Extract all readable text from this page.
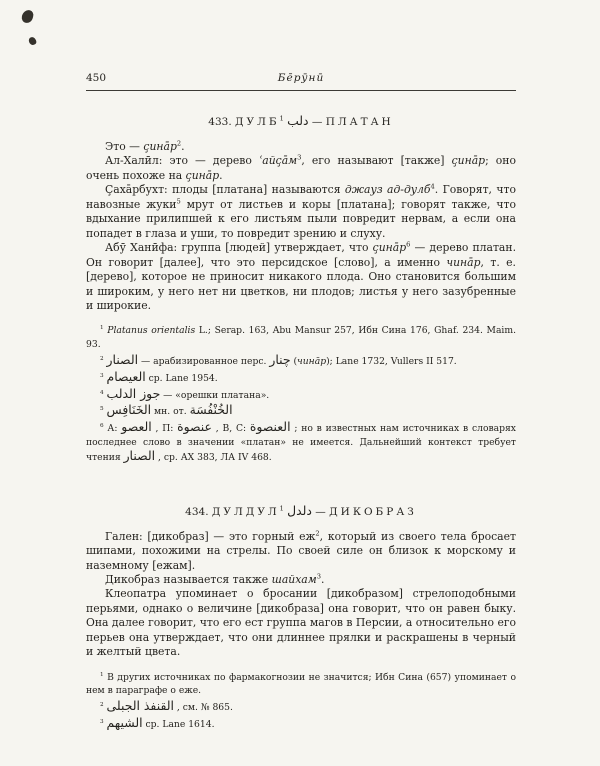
450	Бе̄рӯнӣ
433. ДУЛБ$^1$ دلب — ПЛАТАН

Это — ҫинāр$^2$.

Ал-Халӣл: это — дерево ʿайҫāм$^3$, его называют [также] ҫинāр; оно очень похоже на ҫинāр.

Ҫахāрбухт: плоды [платана] называются джауз ад-дулб$^4$. Говорят, что навозные жуки$^5$ мрут от листьев и коры [платана]; говорят также, что вдыхание прилипшей к его листьям пыли повредит нервам, а если она попадет в глаза и уши, то повредит зрению и слуху.

Абӯ Ханӣфа: группа [людей] утверждает, что ҫинāр$^6$ — дерево платан. Он говорит [далее], что это персидское [слово], а именно чинāр, т. е. [дерево], которое не приносит никакого плода. Оно становится большим и широким, у него нет ни цветков, ни плодов; листья у него зазубренные и широкие.

$^1$ Platanus orientalis L.; Serap. 163, Abu Mansur 257, Ибн Сина 176, Ghaf. 234. Maim. 93.

$^2$ الصنار — арабизированное перс. چنار (чинāр); Lane 1732, Vullers II 517.

$^3$ العيصام ср. Lane 1954.

$^4$ جوز الدلب — «орешки платана».

$^5$ الخَنَافِس мн. от. الخُنْفُسَة

$^6$ А: العصو , П: عنصوة , В, С: العنصوة ; но в известных нам источниках в словарях последнее слово в значении «платан» не имеется. Дальнейший контекст требует чтения الصنار , ср. АХ 383, ЛА IV 468.

434. ДУЛДУЛ$^1$ دلدل — ДИКОБРАЗ

Гален: [дикобраз] — это горный $еж^2$, который из своего тела бросает шипами, похожими на стрелы. По своей силе он близок к морскому и наземному [ежам].

Дикобраз называется также шайхам$^3$.

Клеопатра упоминает о бросании [дикобразом] стрелоподобными перьями, однако о величине [дикобраза] она говорит, что он равен быку. Она далее говорит, что его ест группа магов в Персии, а относительно его перьев она утверждает, что они длиннее прялки и раскрашены в черный и желтый цвета.

$^1$ В других источниках по фармакогнозии не значится; Ибн Сина (657) упоминает о нем в параграфе о еже.

$^2$ القنفذ الجبلى , см. № 865.

$^3$ الشيهم ср. Lane 1614.
